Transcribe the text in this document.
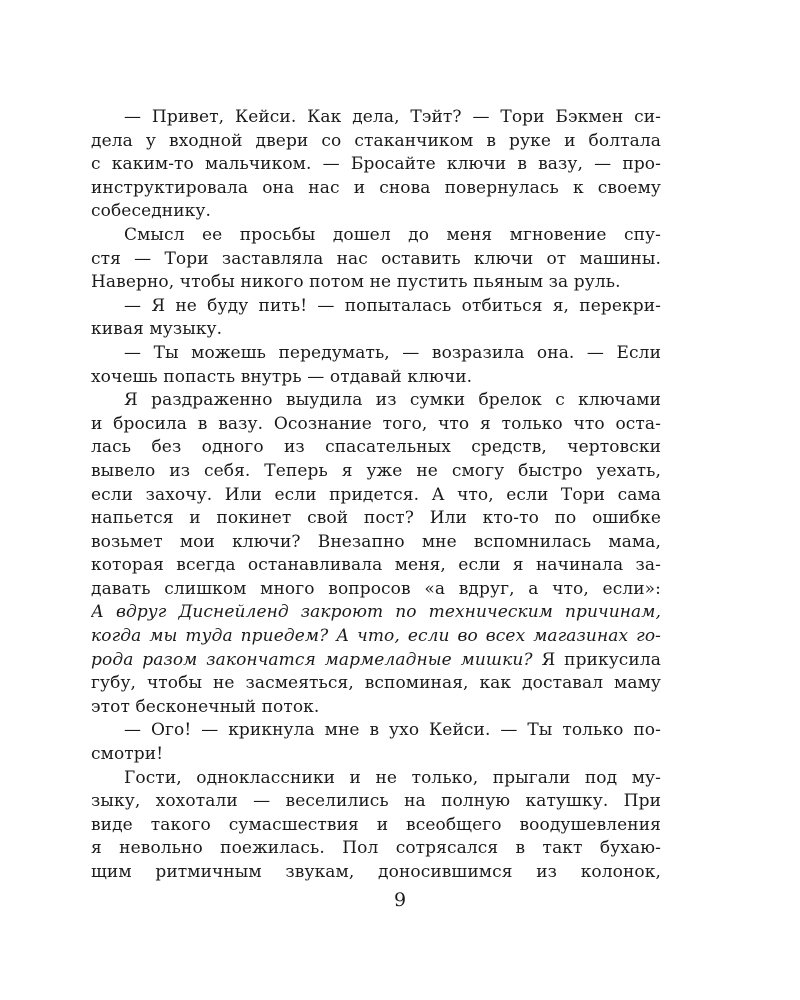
— Привет, Кейси. Как дела, Тэйт? — Тори Бэкмен си-
дела у входной двери со стаканчиком в руке и болтала
с каким-то мальчиком. — Бросайте ключи в вазу, — про-
инструктировала она нас и снова повернулась к своему
собеседнику.
Смысл ее просьбы дошел до меня мгновение спу-
стя — Тори заставляла нас оставить ключи от машины.
Наверно, чтобы никого потом не пустить пьяным за руль.
— Я не буду пить! — попыталась отбиться я, перекри-
кивая музыку.
— Ты можешь передумать, — возразила она. — Если
хочешь попасть внутрь — отдавай ключи.
Я раздраженно выудила из сумки брелок с ключами
и бросила в вазу. Осознание того, что я только что оста-
лась без одного из спасательных средств, чертовски
вывело из себя. Теперь я уже не смогу быстро уехать,
если захочу. Или если придется. А что, если Тори сама
напьется и покинет свой пост? Или кто-то по ошибке
возьмет мои ключи? Внезапно мне вспомнилась мама,
которая всегда останавливала меня, если я начинала за-
давать слишком много вопросов «а вдруг, а что, если»:
А вдруг Диснейленд закроют по техническим причинам,
когда мы туда приедем? А что, если во всех магазинах го-
рода разом закончатся мармеладные мишки? Я прикусила
губу, чтобы не засмеяться, вспоминая, как доставал маму
этот бесконечный поток.
— Ого! — крикнула мне в ухо Кейси. — Ты только по-
смотри!
Гости, одноклассники и не только, прыгали под му-
зыку, хохотали — веселились на полную катушку. При
виде такого сумасшествия и всеобщего воодушевления
я невольно поежилась. Пол сотрясался в такт бухаю-
щим ритмичным звукам, доносившимся из колонок,
9
